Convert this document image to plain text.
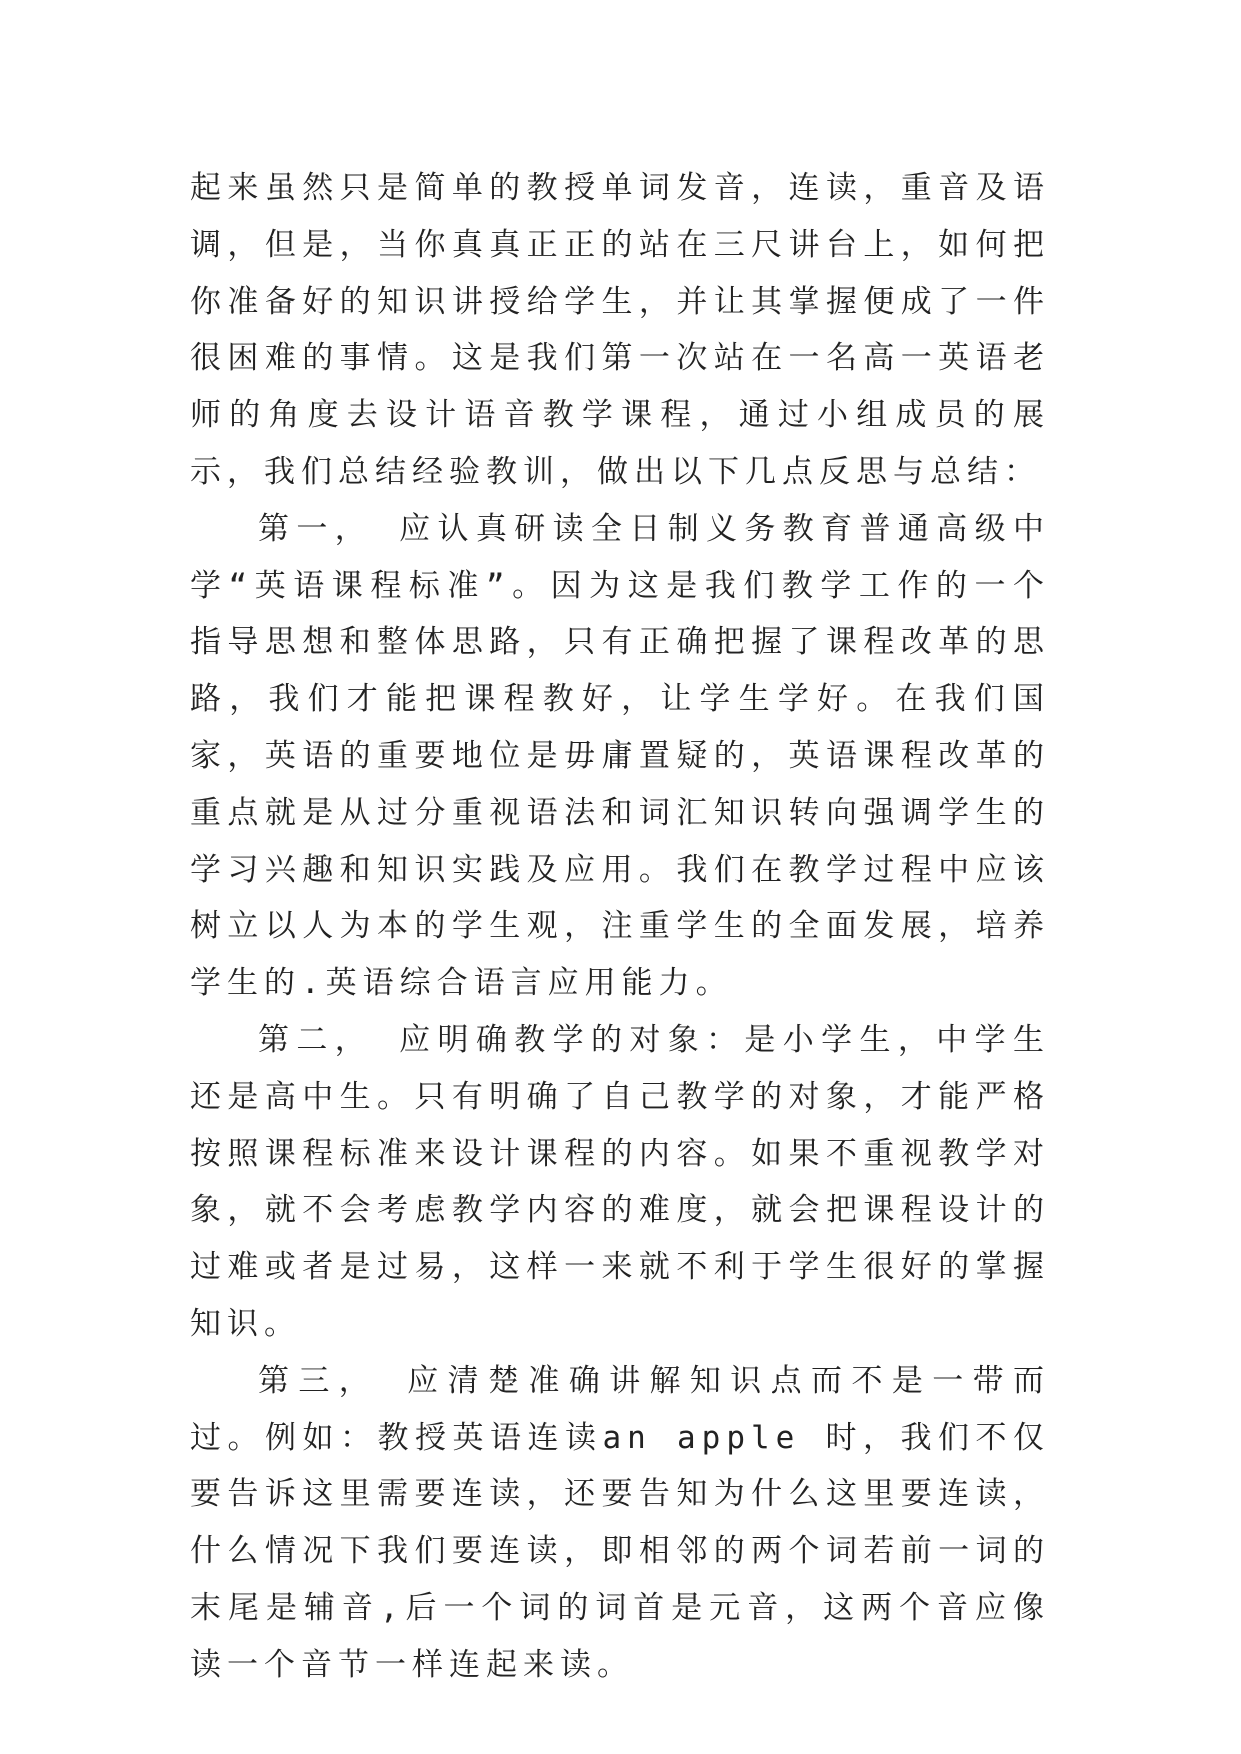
起来虽然只是简单的教授单词发音，连读，重音及语调，但是，当你真真正正的站在三尺讲台上，如何把你准备好的知识讲授给学生，并让其掌握便成了一件很困难的事情。这是我们第一次站在一名高一英语老师的角度去设计语音教学课程，通过小组成员的展示，我们总结经验教训，做出以下几点反思与总结：

第一， 应认真研读全日制义务教育普通高级中学“英语课程标准”。因为这是我们教学工作的一个指导思想和整体思路，只有正确把握了课程改革的思路，我们才能把课程教好，让学生学好。在我们国家，英语的重要地位是毋庸置疑的，英语课程改革的重点就是从过分重视语法和词汇知识转向强调学生的学习兴趣和知识实践及应用。我们在教学过程中应该树立以人为本的学生观，注重学生的全面发展，培养学生的.英语综合语言应用能力。

第二， 应明确教学的对象：是小学生，中学生还是高中生。只有明确了自己教学的对象，才能严格按照课程标准来设计课程的内容。如果不重视教学对象，就不会考虑教学内容的难度，就会把课程设计的过难或者是过易，这样一来就不利于学生很好的掌握知识。

第三， 应清楚准确讲解知识点而不是一带而过。例如：教授英语连读an apple 时，我们不仅要告诉这里需要连读，还要告知为什么这里要连读，什么情况下我们要连读，即相邻的两个词若前一词的末尾是辅音,后一个词的词首是元音，这两个音应像读一个音节一样连起来读。
